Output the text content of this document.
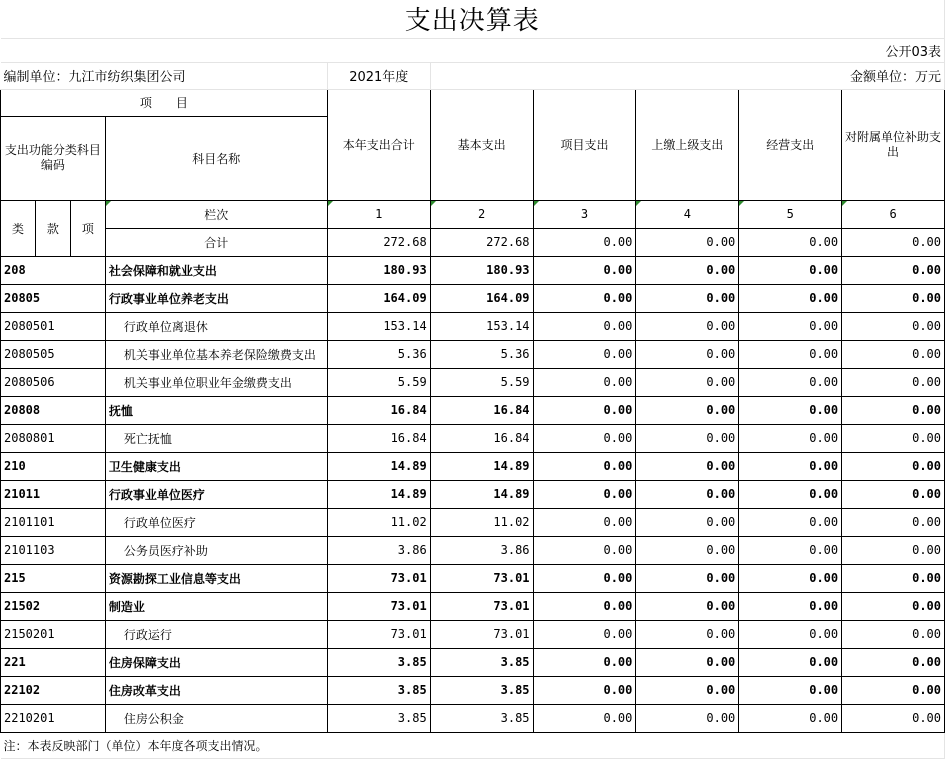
支出决算表									
公开03表									
编制单位：九江市纺织集团公司				2021年度	金额单位：万元				
项　　目				本年支出合计	基本支出	项目支出	上缴上级支出	经营支出	对附属单位补助支出
支出功能分类科目编码			科目名称						

类	款	项	栏次	1	2	3	4	5	6
			合计	272.68	272.68	0.00	0.00	0.00	0.00
208			社会保障和就业支出	180.93	180.93	0.00	0.00	0.00	0.00
20805			行政事业单位养老支出	164.09	164.09	0.00	0.00	0.00	0.00
2080501			行政单位离退休	153.14	153.14	0.00	0.00	0.00	0.00
2080505			机关事业单位基本养老保险缴费支出	5.36	5.36	0.00	0.00	0.00	0.00
2080506			机关事业单位职业年金缴费支出	5.59	5.59	0.00	0.00	0.00	0.00
20808			抚恤	16.84	16.84	0.00	0.00	0.00	0.00
2080801			死亡抚恤	16.84	16.84	0.00	0.00	0.00	0.00
210			卫生健康支出	14.89	14.89	0.00	0.00	0.00	0.00
21011			行政事业单位医疗	14.89	14.89	0.00	0.00	0.00	0.00
2101101			行政单位医疗	11.02	11.02	0.00	0.00	0.00	0.00
2101103			公务员医疗补助	3.86	3.86	0.00	0.00	0.00	0.00
215			资源勘探工业信息等支出	73.01	73.01	0.00	0.00	0.00	0.00
21502			制造业	73.01	73.01	0.00	0.00	0.00	0.00
2150201			行政运行	73.01	73.01	0.00	0.00	0.00	0.00
221			住房保障支出	3.85	3.85	0.00	0.00	0.00	0.00
22102			住房改革支出	3.85	3.85	0.00	0.00	0.00	0.00
2210201			住房公积金	3.85	3.85	0.00	0.00	0.00	0.00
注：本表反映部门（单位）本年度各项支出情况。									
